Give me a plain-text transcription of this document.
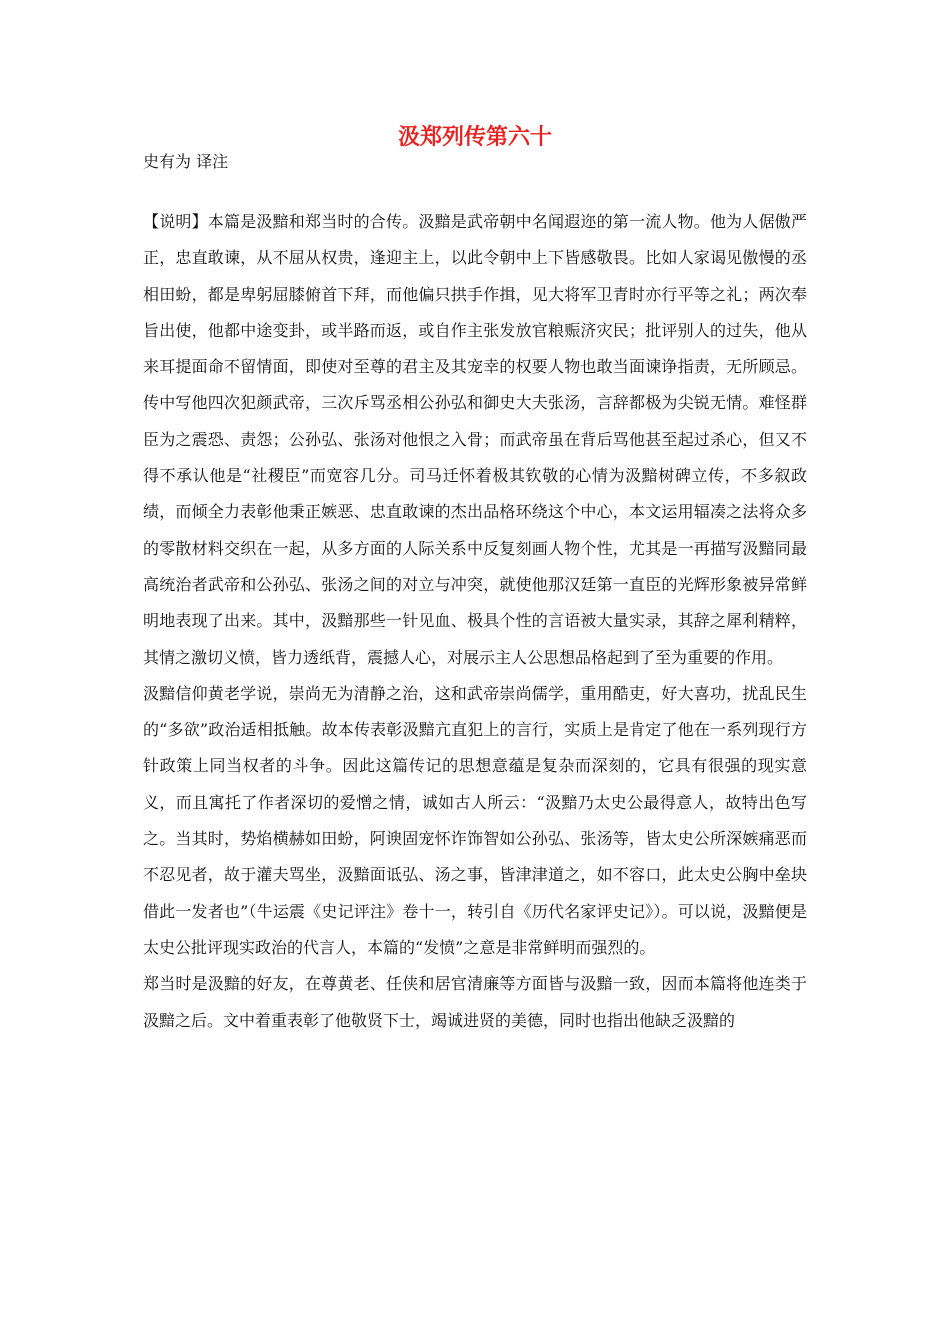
汲郑列传第六十
史有为 译注

【说明】本篇是汲黯和郑当时的合传。汲黯是武帝朝中名闻遐迩的第一流人物。他为人倨傲严正，忠直敢谏，从不屈从权贵，逢迎主上，以此令朝中上下皆感敬畏。比如人家谒见傲慢的丞相田蚡，都是卑躬屈膝俯首下拜，而他偏只拱手作揖，见大将军卫青时亦行平等之礼；两次奉旨出使，他都中途变卦，或半路而返，或自作主张发放官粮赈济灾民；批评别人的过失，他从来耳提面命不留情面，即使对至尊的君主及其宠幸的权要人物也敢当面谏诤指责，无所顾忌。传中写他四次犯颜武帝，三次斥骂丞相公孙弘和御史大夫张汤，言辞都极为尖锐无情。难怪群臣为之震恐、责怨；公孙弘、张汤对他恨之入骨；而武帝虽在背后骂他甚至起过杀心，但又不得不承认他是“社稷臣”而宽容几分。司马迁怀着极其钦敬的心情为汲黯树碑立传，不多叙政绩，而倾全力表彰他秉正嫉恶、忠直敢谏的杰出品格环绕这个中心，本文运用辐凑之法将众多的零散材料交织在一起，从多方面的人际关系中反复刻画人物个性，尤其是一再描写汲黯同最高统治者武帝和公孙弘、张汤之间的对立与冲突，就使他那汉廷第一直臣的光辉形象被异常鲜明地表现了出来。其中，汲黯那些一针见血、极具个性的言语被大量实录，其辞之犀利精粹，其情之激切义愤，皆力透纸背，震撼人心，对展示主人公思想品格起到了至为重要的作用。

汲黯信仰黄老学说，崇尚无为清静之治，这和武帝崇尚儒学，重用酷吏，好大喜功，扰乱民生的“多欲”政治适相抵触。故本传表彰汲黯亢直犯上的言行，实质上是肯定了他在一系列现行方针政策上同当权者的斗争。因此这篇传记的思想意蕴是复杂而深刻的，它具有很强的现实意义，而且寓托了作者深切的爱憎之情，诚如古人所云：“汲黯乃太史公最得意人，故特出色写之。当其时，势焰横赫如田蚡，阿谀固宠怀诈饰智如公孙弘、张汤等，皆太史公所深嫉痛恶而不忍见者，故于灌夫骂坐，汲黯面诋弘、汤之事，皆津津道之，如不容口，此太史公胸中垒块借此一发者也”（牛运震《史记评注》卷十一，转引自《历代名家评史记》）。可以说，汲黯便是太史公批评现实政治的代言人，本篇的“发愤”之意是非常鲜明而强烈的。

郑当时是汲黯的好友，在尊黄老、任侠和居官清廉等方面皆与汲黯一致，因而本篇将他连类于汲黯之后。文中着重表彰了他敬贤下士，竭诚进贤的美德，同时也指出他缺乏汲黯的
